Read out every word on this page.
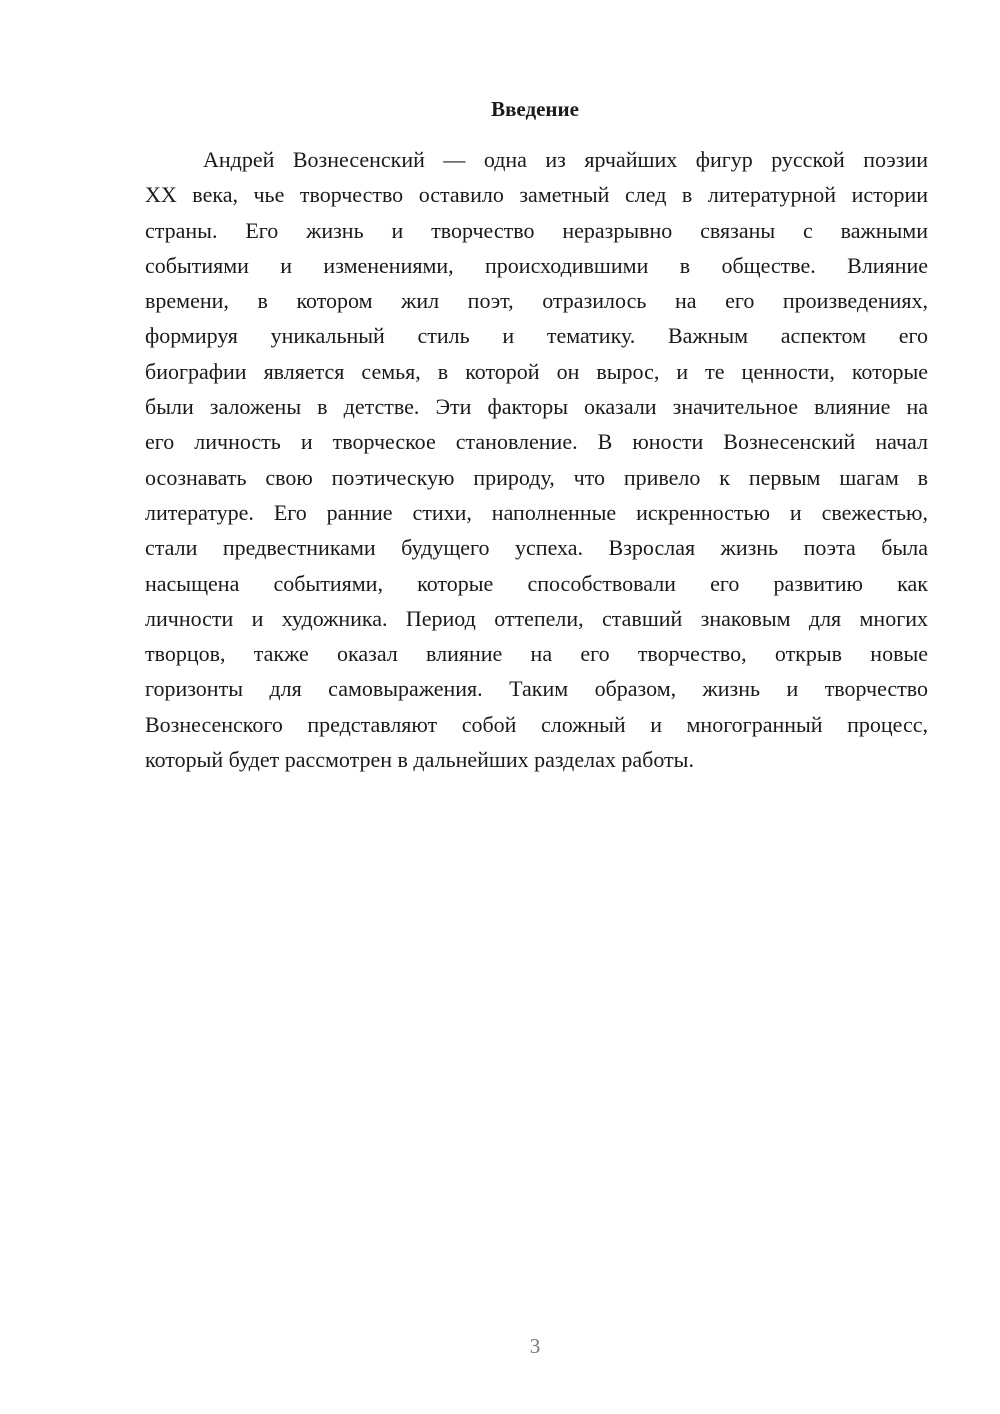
Введение
Андрей Вознесенский — одна из ярчайших фигур русской поэзии
XX века, чье творчество оставило заметный след в литературной истории
страны. Его жизнь и творчество неразрывно связаны с важными
событиями и изменениями, происходившими в обществе. Влияние
времени, в котором жил поэт, отразилось на его произведениях,
формируя уникальный стиль и тематику. Важным аспектом его
биографии является семья, в которой он вырос, и те ценности, которые
были заложены в детстве. Эти факторы оказали значительное влияние на
его личность и творческое становление. В юности Вознесенский начал
осознавать свою поэтическую природу, что привело к первым шагам в
литературе. Его ранние стихи, наполненные искренностью и свежестью,
стали предвестниками будущего успеха. Взрослая жизнь поэта была
насыщена событиями, которые способствовали его развитию как
личности и художника. Период оттепели, ставший знаковым для многих
творцов, также оказал влияние на его творчество, открыв новые
горизонты для самовыражения. Таким образом, жизнь и творчество
Вознесенского представляют собой сложный и многогранный процесс,
который будет рассмотрен в дальнейших разделах работы.
3
